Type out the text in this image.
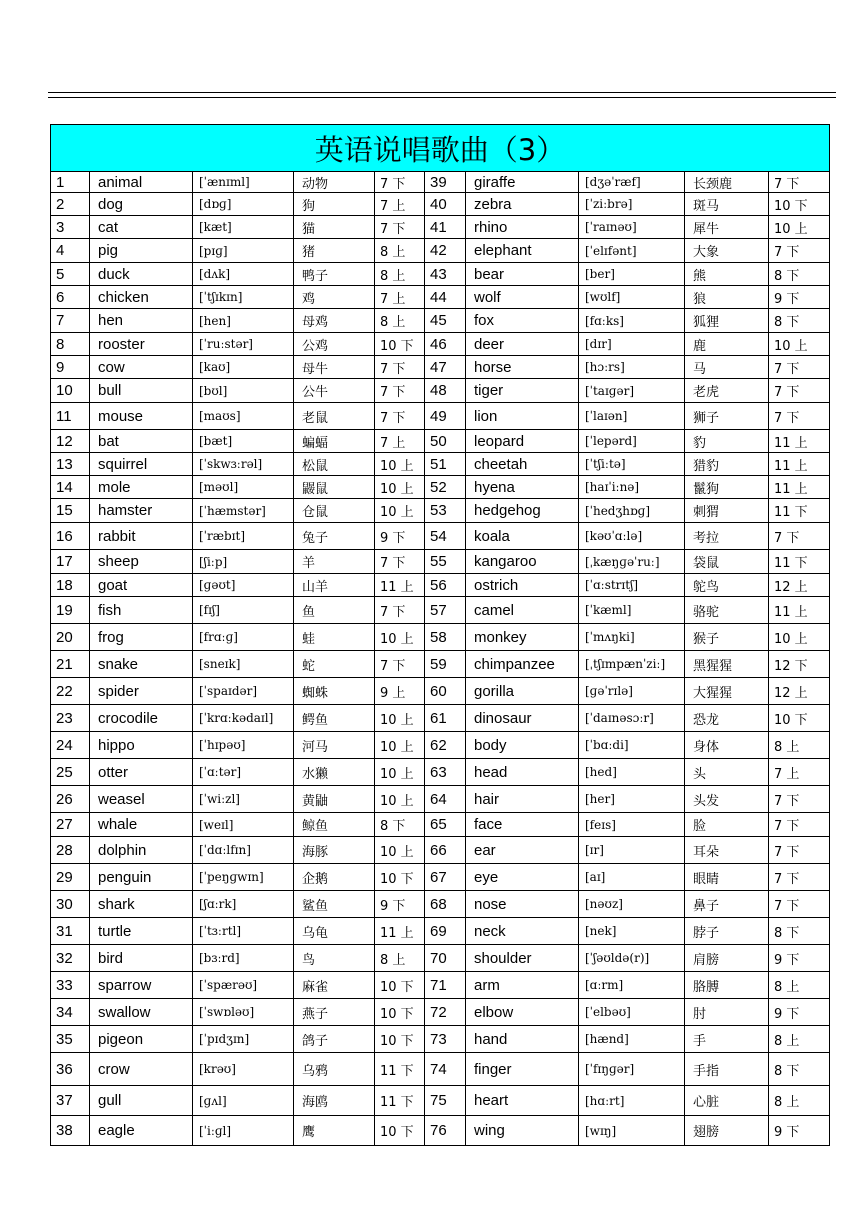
英语说唱歌曲（3）									
1	animal	[ˈænɪml]	动物	7 下	39	giraffe	[dʒəˈræf]	长颈鹿	7 下
2	dog	[dɒɡ]	狗	7 上	40	zebra	[ˈziːbrə]	斑马	10 下
3	cat	[kæt]	猫	7 下	41	rhino	[ˈraɪnəʊ]	犀牛	10 上
4	pig	[pɪɡ]	猪	8 上	42	elephant	[ˈelɪfənt]	大象	7 下
5	duck	[dʌk]	鸭子	8 上	43	bear	[ber]	熊	8 下
6	chicken	[ˈtʃɪkɪn]	鸡	7 上	44	wolf	[wʊlf]	狼	9 下
7	hen	[hen]	母鸡	8 上	45	fox	[fɑːks]	狐狸	8 下
8	rooster	[ˈruːstər]	公鸡	10 下	46	deer	[dɪr]	鹿	10 上
9	cow	[kaʊ]	母牛	7 下	47	horse	[hɔːrs]	马	7 下
10	bull	[bʊl]	公牛	7 下	48	tiger	[ˈtaɪɡər]	老虎	7 下
11	mouse	[maʊs]	老鼠	7 下	49	lion	[ˈlaɪən]	狮子	7 下
12	bat	[bæt]	蝙蝠	7 上	50	leopard	[ˈlepərd]	豹	11 上
13	squirrel	[ˈskwɜːrəl]	松鼠	10 上	51	cheetah	[ˈtʃiːtə]	猎豹	11 上
14	mole	[məʊl]	鼹鼠	10 上	52	hyena	[haɪˈiːnə]	鬣狗	11 上
15	hamster	[ˈhæmstər]	仓鼠	10 上	53	hedgehog	[ˈhedʒhɒɡ]	刺猬	11 下
16	rabbit	[ˈræbɪt]	兔子	9 下	54	koala	[kəʊˈɑːlə]	考拉	7 下
17	sheep	[ʃiːp]	羊	7 下	55	kangaroo	[ˌkæŋɡəˈruː]	袋鼠	11 下
18	goat	[ɡəʊt]	山羊	11 上	56	ostrich	[ˈɑːstrɪtʃ]	鸵鸟	12 上
19	fish	[fɪʃ]	鱼	7 下	57	camel	[ˈkæml]	骆驼	11 上
20	frog	[frɑːɡ]	蛙	10 上	58	monkey	[ˈmʌŋki]	猴子	10 上
21	snake	[sneɪk]	蛇	7 下	59	chimpanzee	[ˌtʃɪmpænˈziː]	黑猩猩	12 下
22	spider	[ˈspaɪdər]	蜘蛛	9 上	60	gorilla	[ɡəˈrɪlə]	大猩猩	12 上
23	crocodile	[ˈkrɑːkədaɪl]	鳄鱼	10 上	61	dinosaur	[ˈdaɪnəsɔːr]	恐龙	10 下
24	hippo	[ˈhɪpəʊ]	河马	10 上	62	body	[ˈbɑːdi]	身体	8 上
25	otter	[ˈɑːtər]	水獭	10 上	63	head	[hed]	头	7 上
26	weasel	[ˈwiːzl]	黄鼬	10 上	64	hair	[her]	头发	7 下
27	whale	[weɪl]	鲸鱼	8 下	65	face	[feɪs]	脸	7 下
28	dolphin	[ˈdɑːlfɪn]	海豚	10 上	66	ear	[ɪr]	耳朵	7 下
29	penguin	[ˈpeŋɡwɪn]	企鹅	10 下	67	eye	[aɪ]	眼睛	7 下
30	shark	[ʃɑːrk]	鲨鱼	9 下	68	nose	[nəʊz]	鼻子	7 下
31	turtle	[ˈtɜːrtl]	乌龟	11 上	69	neck	[nek]	脖子	8 下
32	bird	[bɜːrd]	鸟	8 上	70	shoulder	[ˈʃəʊldə(r)]	肩膀	9 下
33	sparrow	[ˈspærəʊ]	麻雀	10 下	71	arm	[ɑːrm]	胳膊	8 上
34	swallow	[ˈswɒləʊ]	燕子	10 下	72	elbow	[ˈelbəʊ]	肘	9 下
35	pigeon	[ˈpɪdʒɪn]	鸽子	10 下	73	hand	[hænd]	手	8 上
36	crow	[krəʊ]	乌鸦	11 下	74	finger	[ˈfɪŋɡər]	手指	8 下
37	gull	[ɡʌl]	海鸥	11 下	75	heart	[hɑːrt]	心脏	8 上
38	eagle	[ˈiːɡl]	鹰	10 下	76	wing	[wɪŋ]	翅膀	9 下
